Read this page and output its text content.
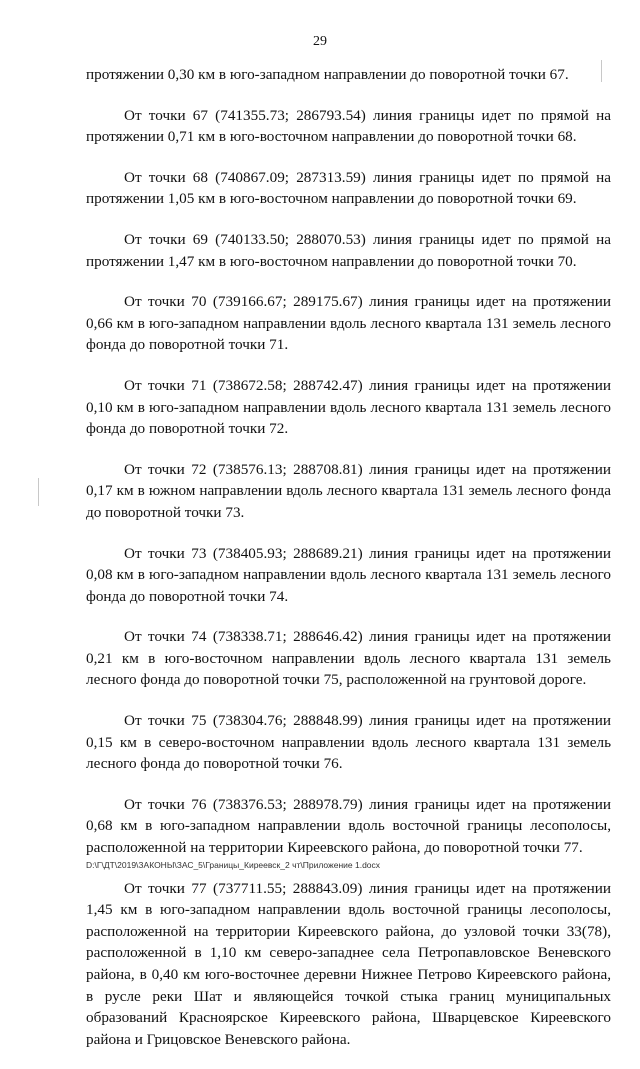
29

протяжении 0,30 км в юго-западном направлении до поворотной точки 67.

От точки 67 (741355.73; 286793.54) линия границы идет по прямой на протяжении 0,71 км в юго-восточном направлении до поворотной точки 68.

От точки 68 (740867.09; 287313.59) линия границы идет по прямой на протяжении 1,05 км в юго-восточном направлении до поворотной точки 69.

От точки 69 (740133.50; 288070.53) линия границы идет по прямой на протяжении 1,47 км в юго-восточном направлении до поворотной точки 70.

От точки 70 (739166.67; 289175.67) линия границы идет на протяжении 0,66 км в юго-западном направлении вдоль лесного квартала 131 земель лесного фонда до поворотной точки 71.

От точки 71 (738672.58; 288742.47) линия границы идет на протяжении 0,10 км в юго-западном направлении вдоль лесного квартала 131 земель лесного фонда до поворотной точки 72.

От точки 72 (738576.13; 288708.81) линия границы идет на протяжении 0,17 км в южном направлении вдоль лесного квартала 131 земель лесного фонда до поворотной точки 73.

От точки 73 (738405.93; 288689.21) линия границы идет на протяжении 0,08 км в юго-западном направлении вдоль лесного квартала 131 земель лесного фонда до поворотной точки 74.

От точки 74 (738338.71; 288646.42) линия границы идет на протяжении 0,21 км в юго-восточном направлении вдоль лесного квартала 131 земель лесного фонда до поворотной точки 75, расположенной на грунтовой дороге.

От точки 75 (738304.76; 288848.99) линия границы идет на протяжении 0,15 км в северо-восточном направлении вдоль лесного квартала 131 земель лесного фонда до поворотной точки 76.

От точки 76 (738376.53; 288978.79) линия границы идет на протяжении 0,68 км в юго-западном направлении вдоль восточной границы лесополосы, расположенной на территории Киреевского района, до поворотной точки 77.

От точки 77 (737711.55; 288843.09) линия границы идет на протяжении 1,45 км в юго-западном направлении вдоль восточной границы лесополосы, расположенной на территории Киреевского района, до узловой точки 33(78), расположенной в 1,10 км северо-западнее села Петропавловское Веневского района, в 0,40 км юго-восточнее деревни Нижнее Петрово Киреевского района, в русле реки Шат и являющейся точкой стыка границ муниципальных образований Красноярское Киреевского района, Шварцевское Киреевского района и Грицовское Веневского района.

D:\Г\ДТ\2019\ЗАКОНЫ\ЗАС_5\Границы_Киреевск_2 чт\Приложение 1.docx
